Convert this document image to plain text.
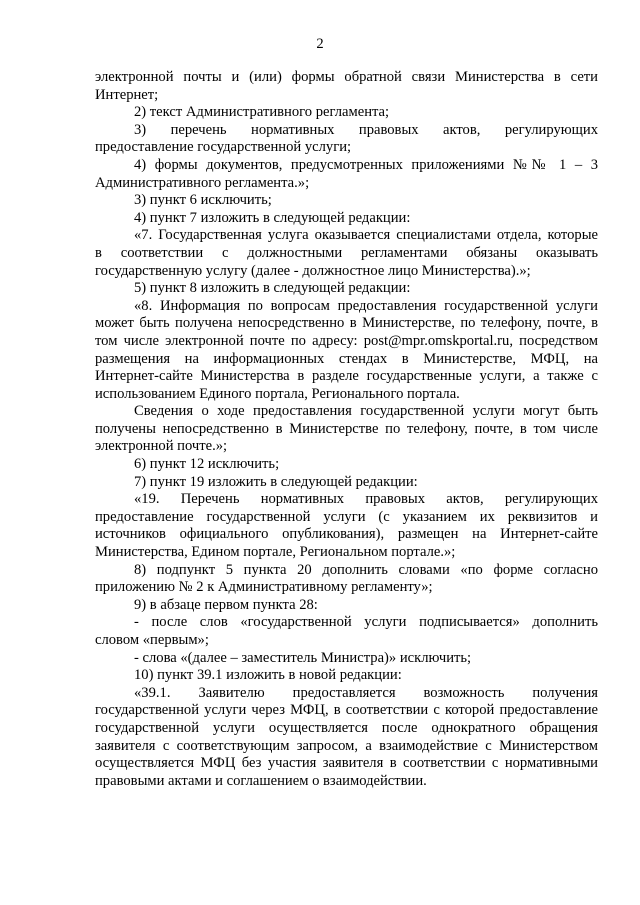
2
электронной почты и (или) формы обратной связи Министерства в сети
Интернет;
2) текст Административного регламента;
3) перечень нормативных правовых актов, регулирующих
предоставление государственной услуги;
4) формы документов, предусмотренных приложениями №№ 1 – 3
Административного регламента.»;
3) пункт 6 исключить;
4) пункт 7 изложить в следующей редакции:
«7. Государственная услуга оказывается специалистами отдела, которые
в соответствии с должностными регламентами обязаны оказывать
государственную услугу (далее - должностное лицо Министерства).»;
5) пункт 8 изложить в следующей редакции:
«8. Информация по вопросам предоставления государственной услуги
может быть получена непосредственно в Министерстве, по телефону, почте, в
том числе электронной почте по адресу: post@mpr.omskportal.ru, посредством
размещения на информационных стендах в Министерстве, МФЦ, на
Интернет-сайте Министерства в разделе государственные услуги, а также с
использованием Единого портала, Регионального портала.
Сведения о ходе предоставления государственной услуги могут быть
получены непосредственно в Министерстве по телефону, почте, в том числе
электронной почте.»;
6) пункт 12 исключить;
7) пункт 19 изложить в следующей редакции:
«19. Перечень нормативных правовых актов, регулирующих
предоставление государственной услуги (с указанием их реквизитов и
источников официального опубликования), размещен на Интернет-сайте
Министерства, Едином портале, Региональном портале.»;
8) подпункт 5 пункта 20 дополнить словами «по форме согласно
приложению № 2 к Административному регламенту»;
9) в абзаце первом пункта 28:
- после слов «государственной услуги подписывается» дополнить
словом «первым»;
- слова «(далее – заместитель Министра)» исключить;
10) пункт 39.1 изложить в новой редакции:
«39.1. Заявителю предоставляется возможность получения
государственной услуги через МФЦ, в соответствии с которой предоставление
государственной услуги осуществляется после однократного обращения
заявителя с соответствующим запросом, а взаимодействие с Министерством
осуществляется МФЦ без участия заявителя в соответствии с нормативными
правовыми актами и соглашением о взаимодействии.
